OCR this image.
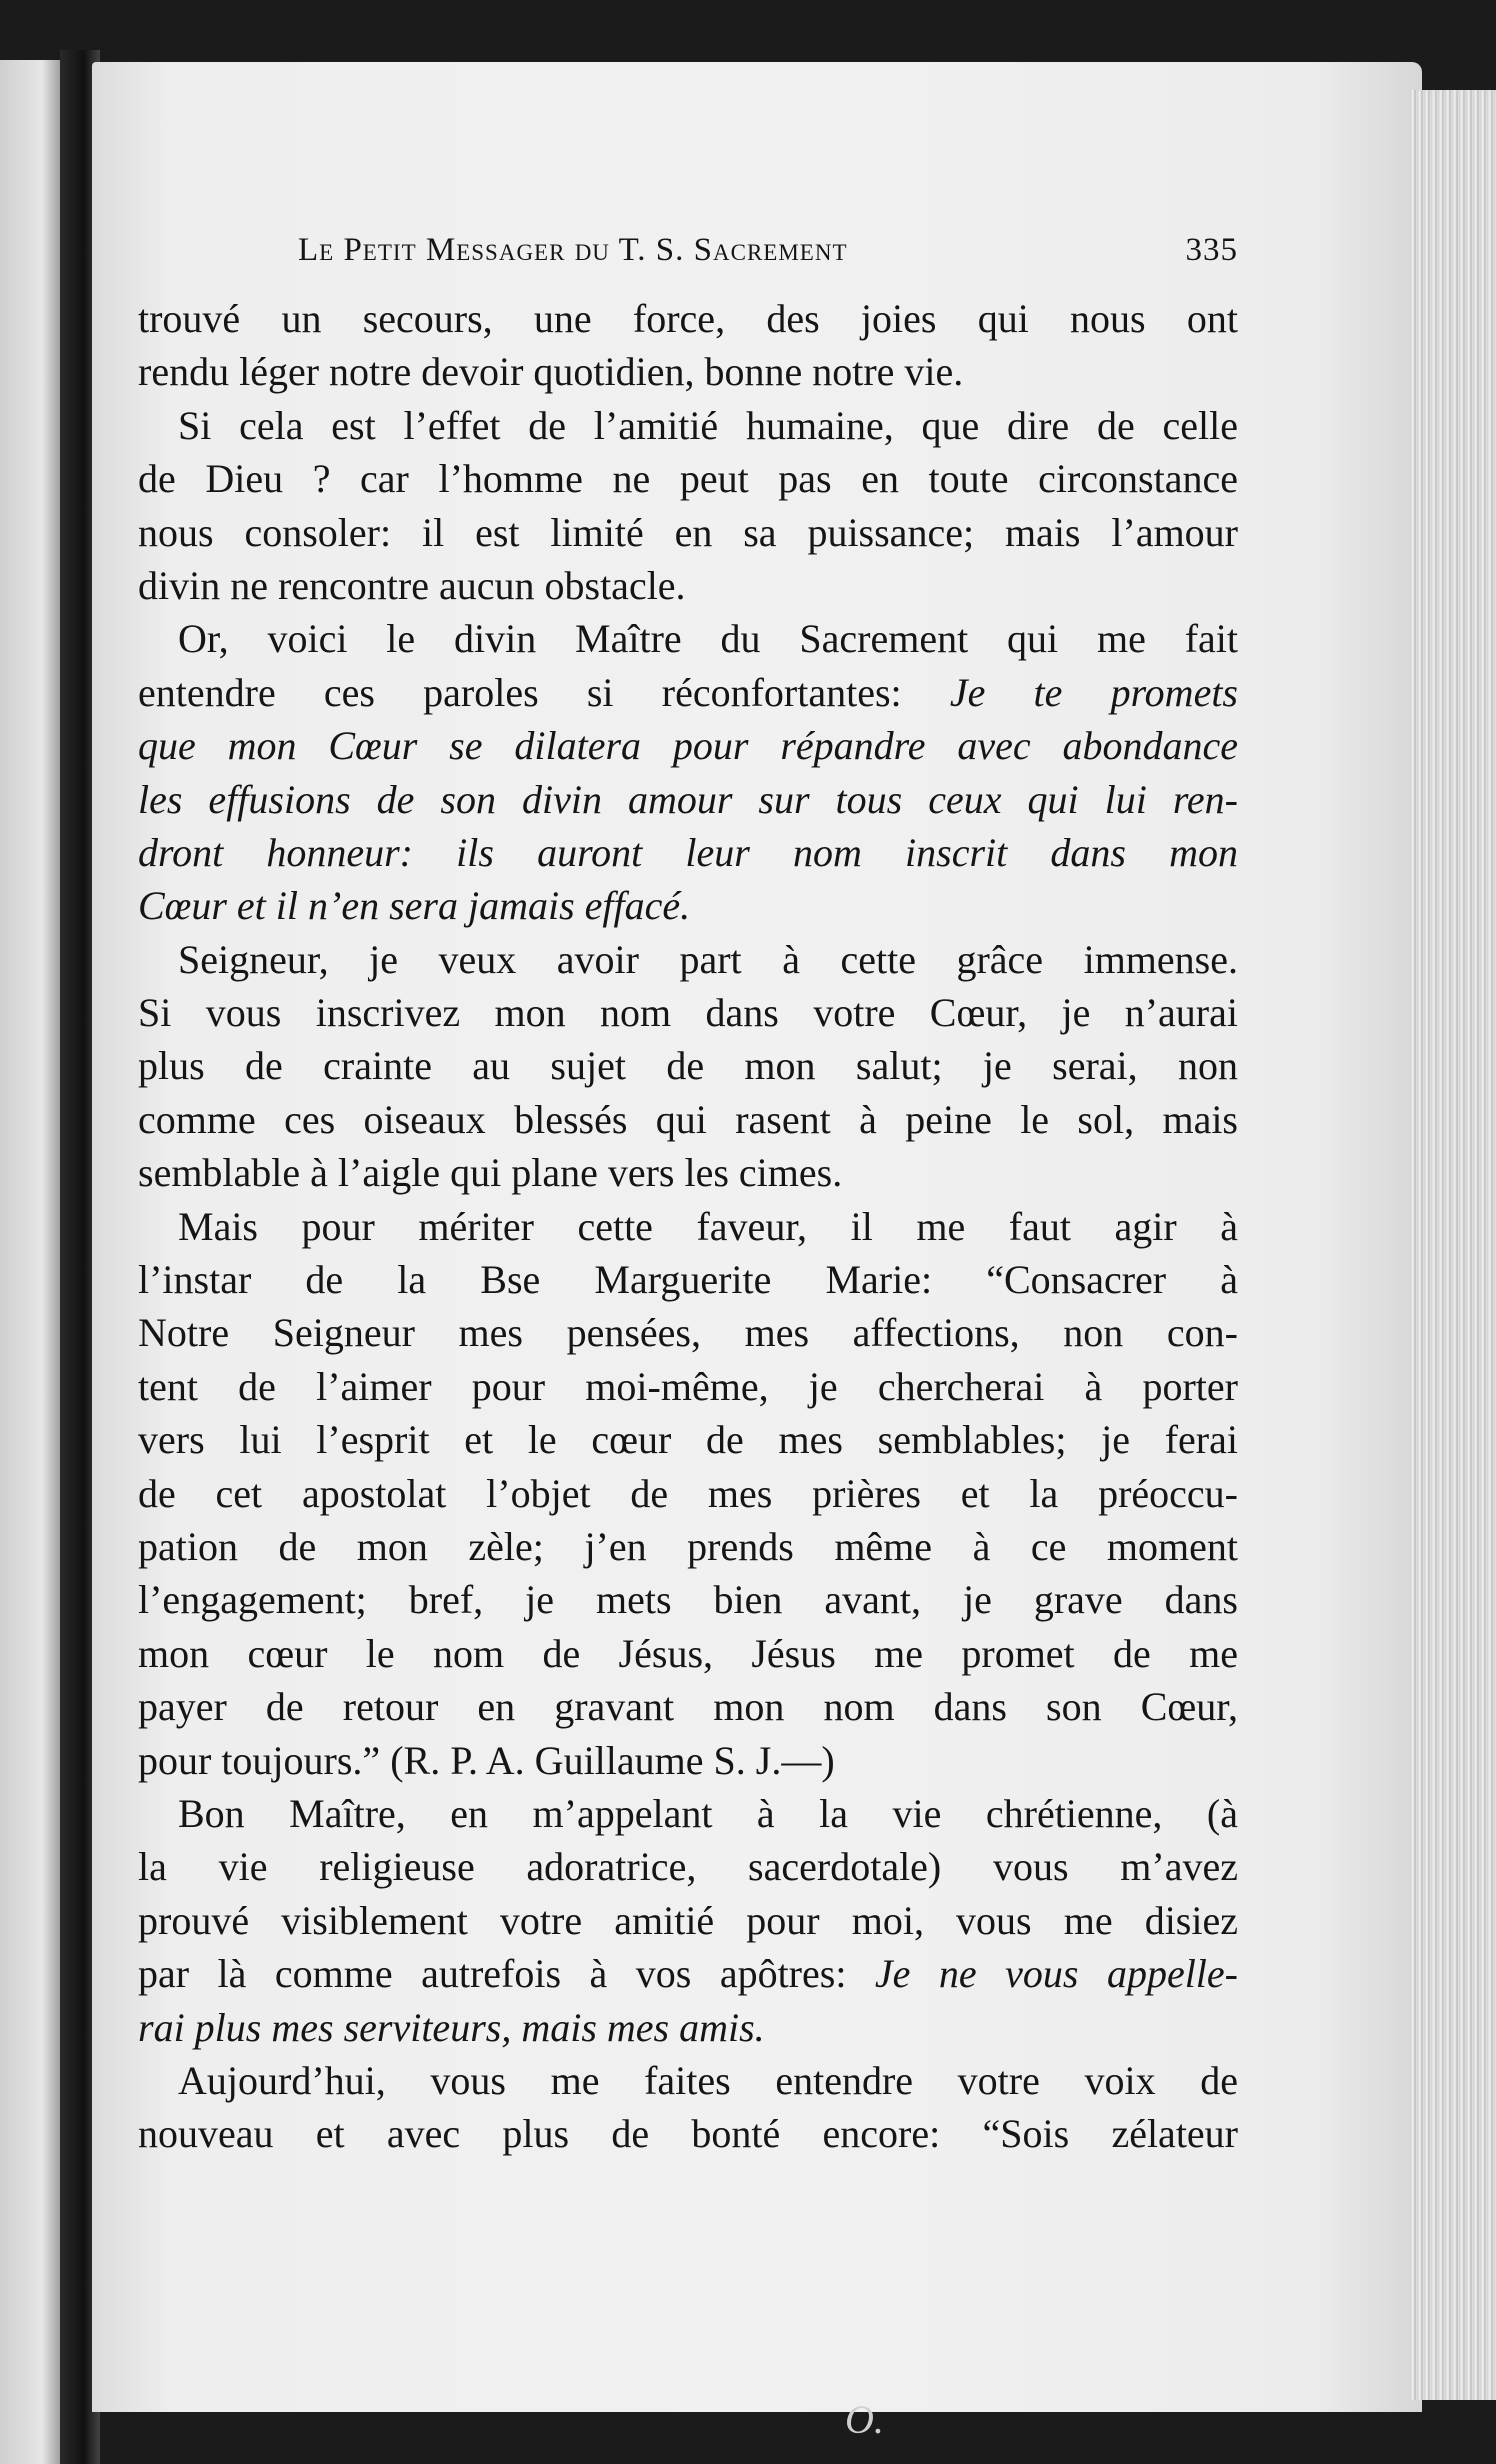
Le Petit Messager du T. S. Sacrement	335
trouvé un secours, une force, des joies qui nous ont
rendu léger notre devoir quotidien, bonne notre vie.
Si cela est l’effet de l’amitié humaine, que dire de celle
de Dieu ? car l’homme ne peut pas en toute circonstance
nous consoler: il est limité en sa puissance; mais l’amour
divin ne rencontre aucun obstacle.
Or, voici le divin Maître du Sacrement qui me fait
entendre ces paroles si réconfortantes: Je te promets
que mon Cœur se dilatera pour répandre avec abondance
les effusions de son divin amour sur tous ceux qui lui ren-
dront honneur: ils auront leur nom inscrit dans mon
Cœur et il n’en sera jamais effacé.
Seigneur, je veux avoir part à cette grâce immense.
Si vous inscrivez mon nom dans votre Cœur, je n’aurai
plus de crainte au sujet de mon salut; je serai, non
comme ces oiseaux blessés qui rasent à peine le sol, mais
semblable à l’aigle qui plane vers les cimes.
Mais pour mériter cette faveur, il me faut agir à
l’instar de la Bse Marguerite Marie: “Consacrer à
Notre Seigneur mes pensées, mes affections, non con-
tent de l’aimer pour moi-même, je chercherai à porter
vers lui l’esprit et le cœur de mes semblables; je ferai
de cet apostolat l’objet de mes prières et la préoccu-
pation de mon zèle; j’en prends même à ce moment
l’engagement; bref, je mets bien avant, je grave dans
mon cœur le nom de Jésus, Jésus me promet de me
payer de retour en gravant mon nom dans son Cœur,
pour toujours.” (R. P. A. Guillaume S. J.—)
Bon Maître, en m’appelant à la vie chrétienne, (à
la vie religieuse adoratrice, sacerdotale) vous m’avez
prouvé visiblement votre amitié pour moi, vous me disiez
par là comme autrefois à vos apôtres: Je ne vous appelle-
rai plus mes serviteurs, mais mes amis.
Aujourd’hui, vous me faites entendre votre voix de
nouveau et avec plus de bonté encore: “Sois zélateur
O.
